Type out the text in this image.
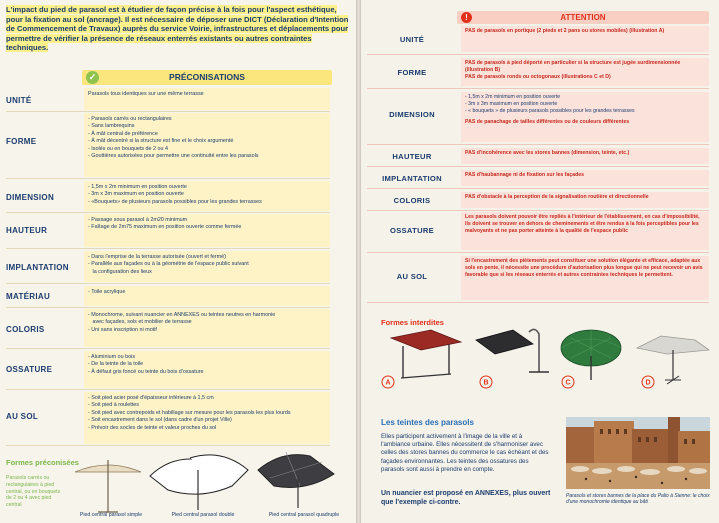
L'impact du pied de parasol est à étudier de façon précise à la fois pour l'aspect esthétique, pour la fixation au sol (ancrage). Il est nécessaire de déposer une DICT (Déclaration d'Intention de Commencement de Travaux) auprès du service Voirie, infrastructures et déplacements pour permettre de vérifier la présence de réseaux enterrés existants ou autres contraintes techniques.
PRÉCONISATIONS
✓
UNITÉ
Parasols tous identiques sur une même terrasse
FORME
- Parasols carrés ou rectangulaires
- Sans lambrequins
- À mât central de préférence
- À mât décentré si la structure est fine et le choix argumenté
- Isolés ou en bouquets de 2 ou 4
- Gouttières autorisées pour permettre une continuité entre les parasols
DIMENSION
- 1,5m x 2m minimum en position ouverte
- 3m x 3m maximum en position ouverte
- «Bouquets» de plusieurs parasols possibles pour les grandes terrasses
HAUTEUR
- Passage sous parasol à 2m20 minimum
- Faîtage de 2m75 maximum en position ouverte comme fermée
IMPLANTATION
- Dans l'emprise de la terrasse autorisée (ouvert et fermé)
- Parallèle aux façades ou à la géométrie de l'espace public suivant
la configuration des lieux
MATÉRIAU	- Toile acrylique
COLORIS
- Monochrome, suivant nuancier en ANNEXES ou teintes neutres en harmonie
avec façades, sols et mobilier de terrasse
- Uni sans inscription ni motif
OSSATURE
- Aluminium ou bois
- De la teinte de la toile
- À défaut gris foncé ou teinte du bois d'ossature
AU SOL
- Soit pied acier posé d'épaisseur inférieure à 1,5 cm
- Soit pied à roulettes
- Soit pied avec contrepoids et habillage sur mesure pour les parasols les plus lourds
- Soit encastrement dans le sol (dans cadre d'un projet Ville)
- Prévoir des socles de teinte et valeur proches du sol
Formes préconisées
Parasols carrés ou rectangulaires à pied central, ou en bouquets de 2 ou 4 avec pied central
Pied central parasol simple	Pied central parasol double	Pied central parasol quadruple
ATTENTION
!
UNITÉ
PAS de parasols en portique (2 pieds et 2 pans ou stores mobiles) (illustration A)
FORME
PAS de parasols à pied déporté en particulier si la structure est jugée surdimensionnée (illustration B)
PAS de parasols ronds ou octogonaux (illustrations C et D)
DIMENSION
- 1,5m x 2m minimum en position ouverte
- 3m x 3m maximum en position ouverte
- « bouquets » de plusieurs parasols possibles pour les grandes terrasses
PAS de panachage de tailles différentes ou de couleurs différentes
HAUTEUR	PAS d'incohérence avec les stores bannes (dimension, teinte, etc.)
IMPLANTATION	PAS d'haubannage ni de fixation sur les façades
COLORIS	PAS d'obstacle à la perception de la signalisation routière et directionnelle
OSSATURE
Les parasols doivent pouvoir être repliés à l'intérieur de l'établissement, en cas d'impossibilité, ils doivent se trouver en dehors de cheminements et être rendus à la fois perceptibles pour les malvoyants et ne pas porter atteinte à la qualité de l'espace public
AU SOL
Si l'encastrement des piètements peut constituer une solution élégante et efficace, adaptée aux sols en pente, il nécessite une procédure d'autorisation plus longue qui ne peut recevoir un avis favorable que si les réseaux enterrés et autres contraintes techniques le permettent.
Formes interdites
A	B	C	D
Les teintes des parasols
Elles participent activement à l'image de la ville et à l'ambiance urbaine. Elles nécessitent de s'harmoniser avec celles des stores bannes du commerce le cas échéant et des façades environnantes. Les teintes des ossatures des parasols sont aussi à prendre en compte.
Un nuancier est proposé en ANNEXES, plus ouvert que l'exemple ci-contre.
Parasols et stores bannes de la place du Palio à Sienne: le choix d'une monochromie identique au bâti
